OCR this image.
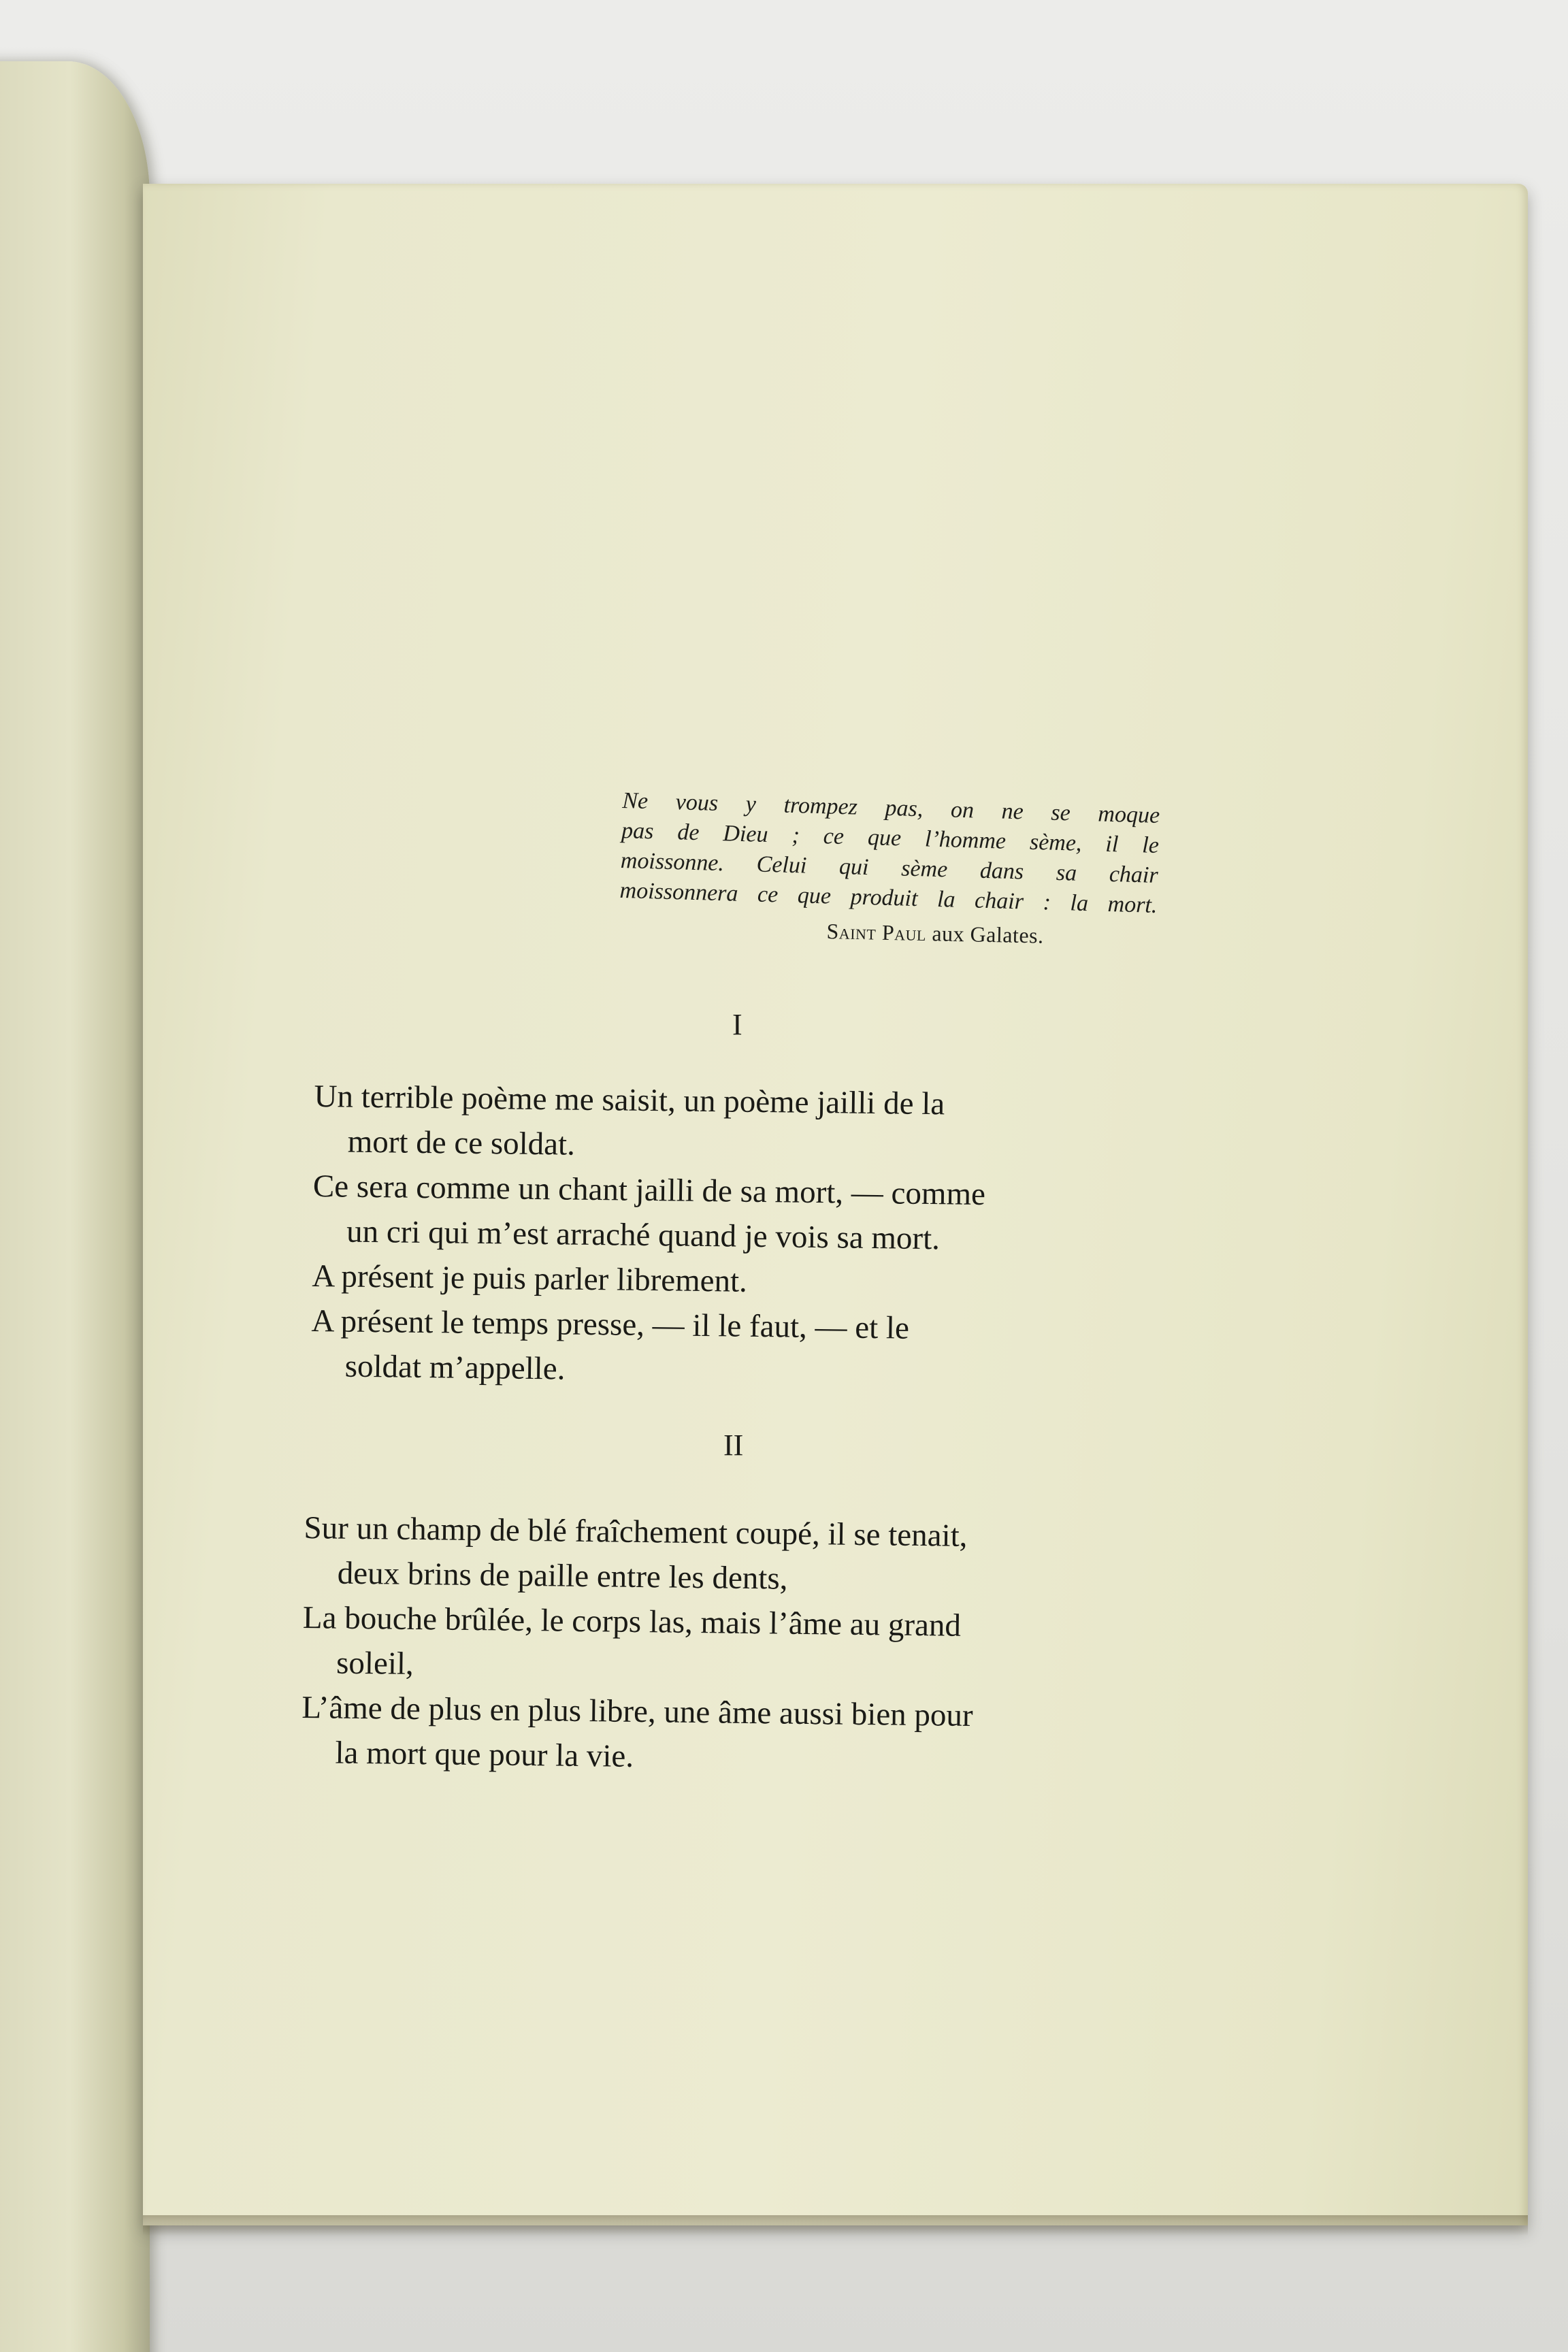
Ne vous y trompez pas, on ne se moque
pas de Dieu ; ce que l’homme sème, il le
moissonne. Celui qui sème dans sa chair
moissonnera ce que produit la chair : la mort.
Saint Paul aux Galates.
I
Un terrible poème me saisit, un poème jailli de la
mort de ce soldat.
Ce sera comme un chant jailli de sa mort, — comme
un cri qui m’est arraché quand je vois sa mort.
A présent je puis parler librement.
A présent le temps presse, — il le faut, — et le
soldat m’appelle.
II
Sur un champ de blé fraîchement coupé, il se tenait,
deux brins de paille entre les dents,
La bouche brûlée, le corps las, mais l’âme au grand
soleil,
L’âme de plus en plus libre, une âme aussi bien pour
la mort que pour la vie.
